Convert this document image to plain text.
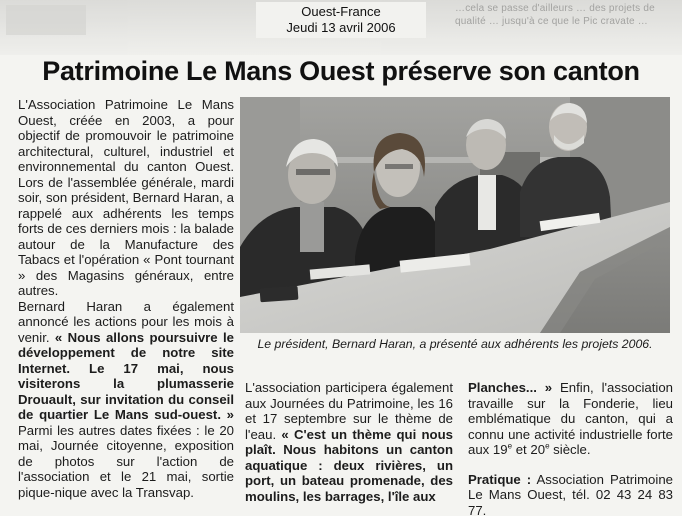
…cela se passe d'ailleurs … des projets de qualité … jusqu'à ce que le Pic cravate …
Ouest-France
Jeudi 13 avril 2006
Patrimoine Le Mans Ouest préserve son canton

L'Association Patrimoine Le Mans Ouest, créée en 2003, a pour objectif de promouvoir le patrimoine architectural, culturel, industriel et environnemental du canton Ouest. Lors de l'assemblée générale, mardi soir, son président, Bernard Haran, a rappelé aux adhérents les temps forts de ces derniers mois : la balade autour de la Manufacture des Tabacs et l'opération « Pont tournant » des Magasins généraux, entre autres.

Bernard Haran a également annoncé les actions pour les mois à venir. « Nous allons poursuivre le développement de notre site Internet. Le 17 mai, nous visiterons la plumasserie Drouault, sur invitation du conseil de quartier Le Mans sud-ouest. » Parmi les autres dates fixées : le 20 mai, Journée citoyenne, exposition de photos sur l'action de l'association et le 21 mai, sortie pique-nique avec la Transvap.

Le président, Bernard Haran, a présenté aux adhérents les projets 2006.

L'association participera également aux Journées du Patrimoine, les 16 et 17 septembre sur le thème de l'eau. « C'est un thème qui nous plaît. Nous habitons un canton aquatique : deux rivières, un port, un bateau promenade, des moulins, les barrages, l'île aux

Planches... » Enfin, l'association travaille sur la Fonderie, lieu emblématique du canton, qui a connu une activité industrielle forte aux 19e et 20e siècle.

Pratique : Association Patrimoine Le Mans Ouest, tél. 02 43 24 83 77.
